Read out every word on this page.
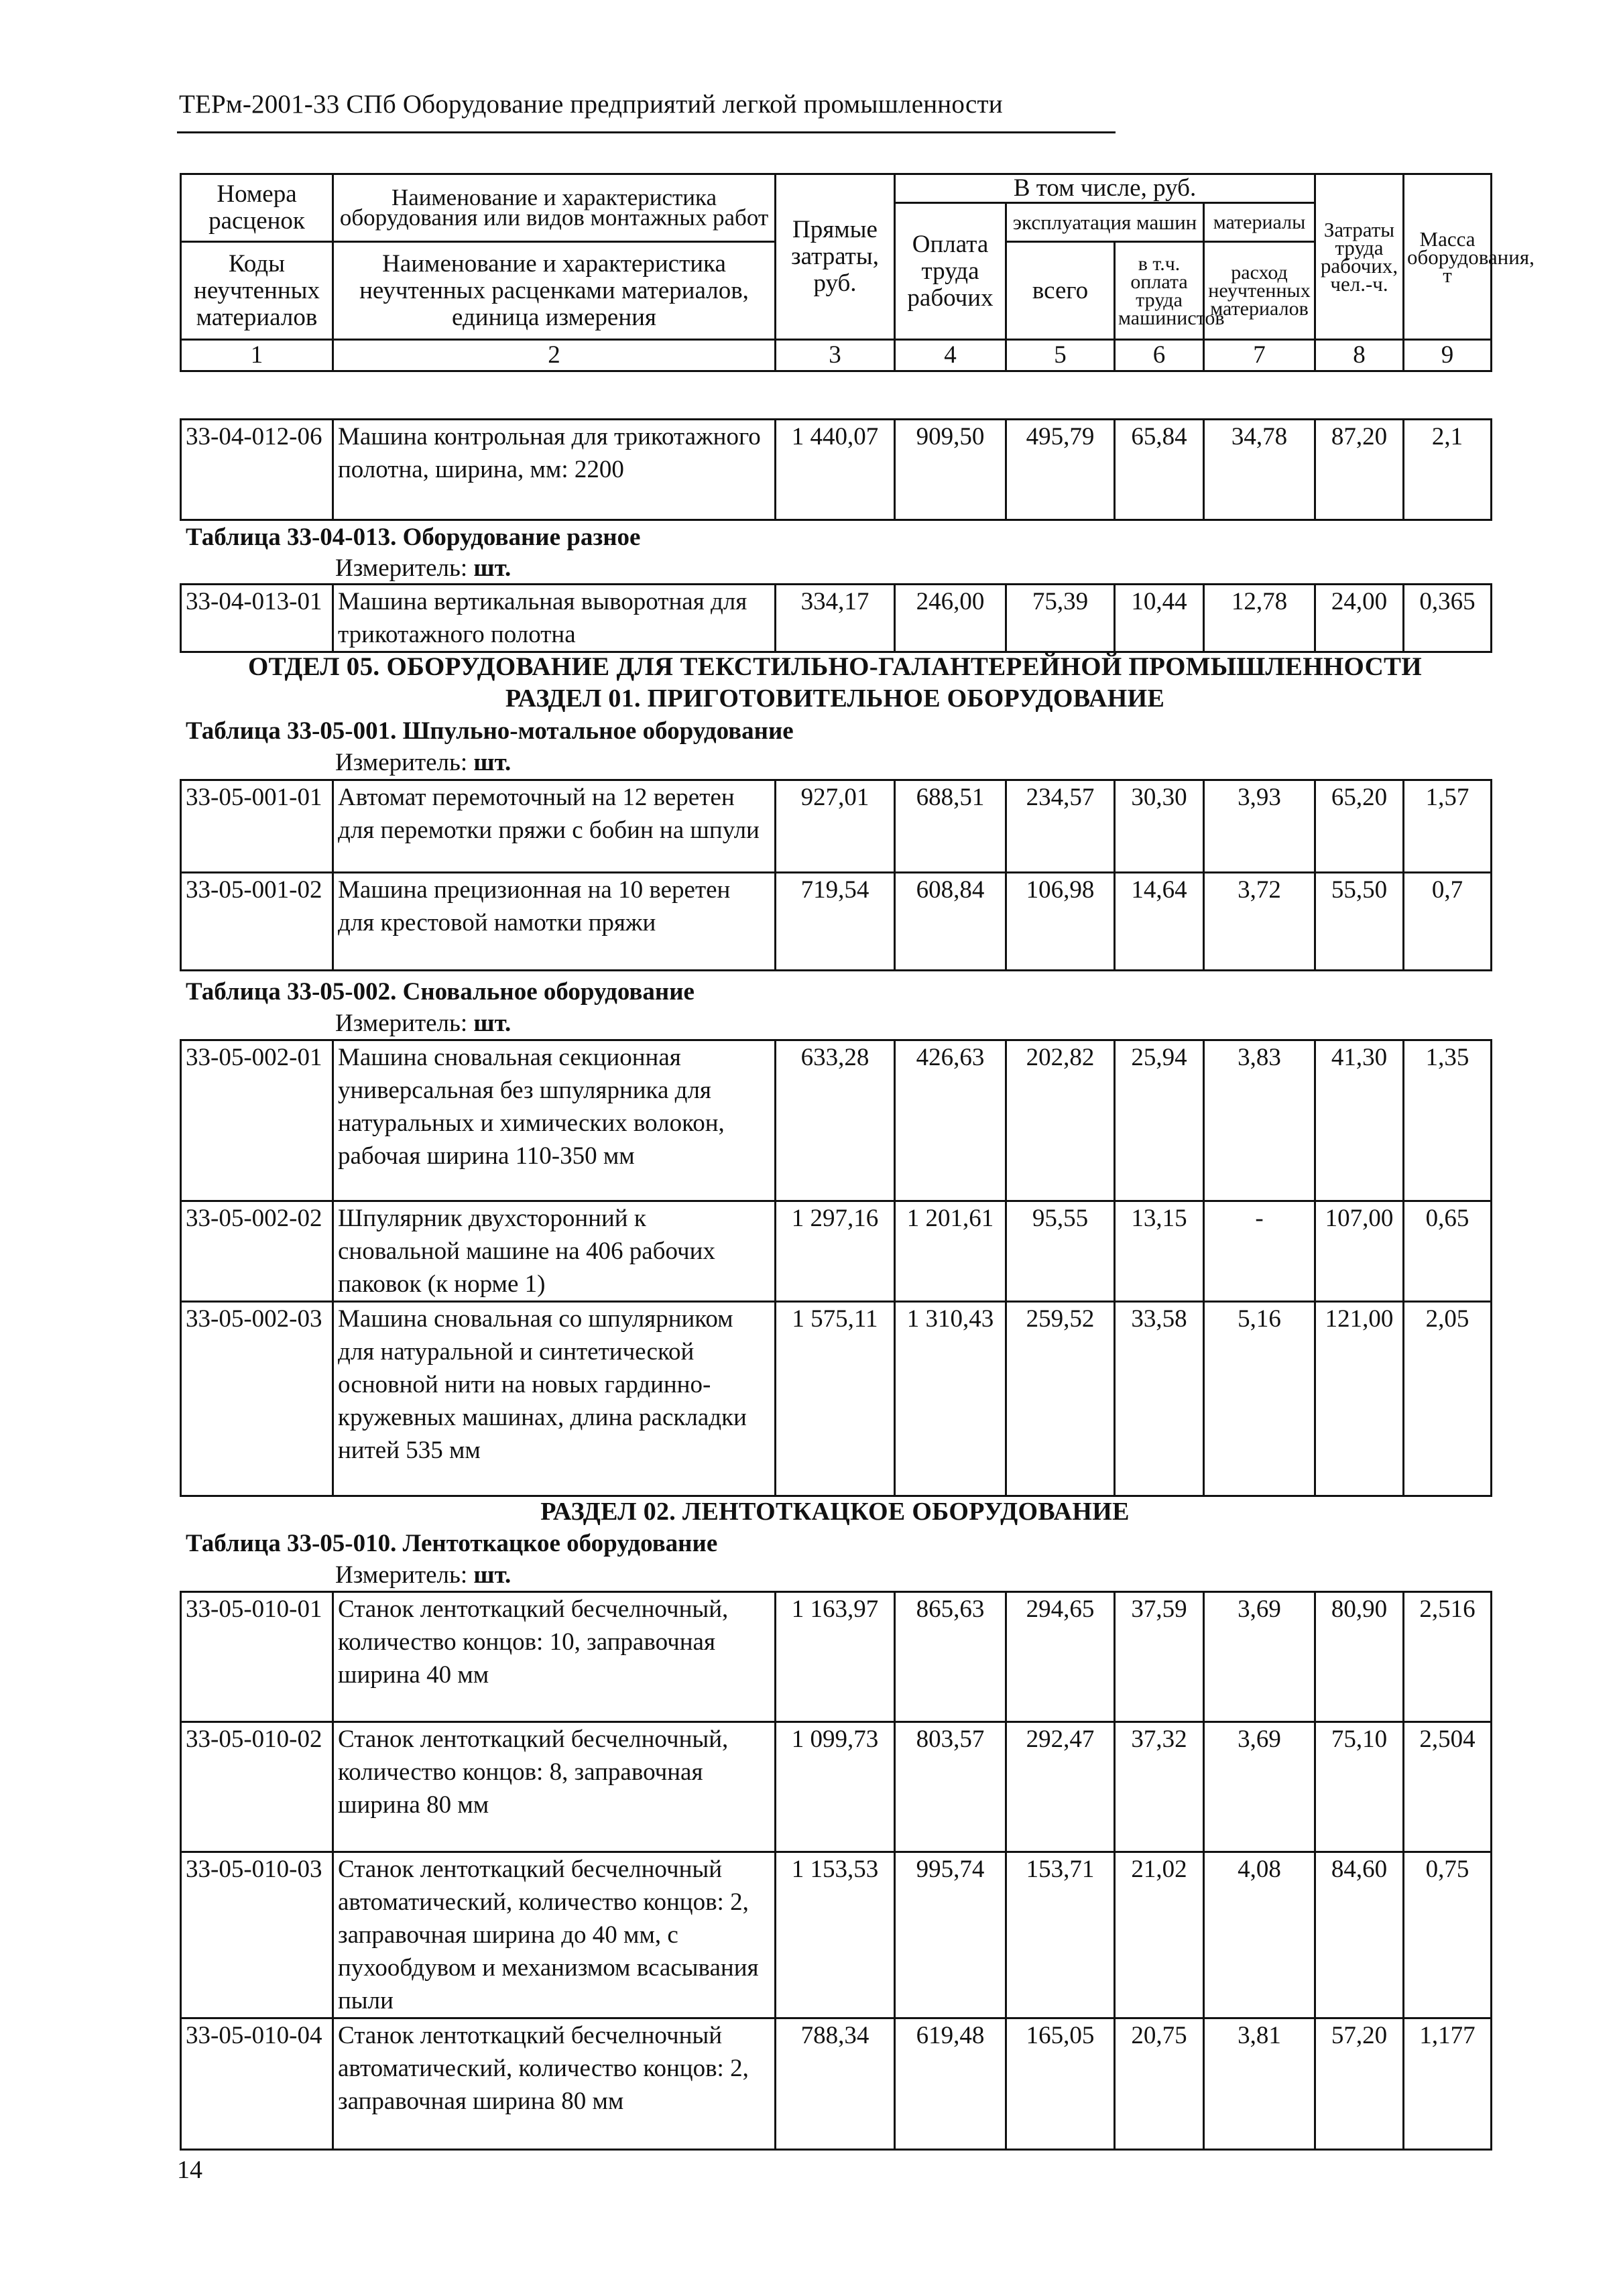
ТЕРм-2001-33 СПб Оборудование предприятий легкой промышленности
Номера расценок	Наименование и характеристика оборудования или видов монтажных работ	Прямые затраты, руб.	В том числе, руб.				Затраты труда рабочих, чел.-ч.	Масса оборудования, т
			Оплата труда рабочих	эксплуатация машин		материалы		
Коды неучтенных материалов	Наименование и характеристика неучтенных расценками материалов, единица измерения			всего	в т.ч. оплата труда машинистов	расход неучтенных материалов		

1	2	3	4	5	6	7	8	9
33-04-012-06	Машина контрольная для трикотажного полотна, ширина, мм: 2200	1 440,07	909,50	495,79	65,84	34,78	87,20	2,1
Таблица 33-04-013. Оборудование разное
Измеритель: шт.
33-04-013-01	Машина вертикальная выворотная для трикотажного полотна	334,17	246,00	75,39	10,44	12,78	24,00	0,365
ОТДЕЛ 05. ОБОРУДОВАНИЕ ДЛЯ ТЕКСТИЛЬНО-ГАЛАНТЕРЕЙНОЙ ПРОМЫШЛЕННОСТИ
РАЗДЕЛ 01. ПРИГОТОВИТЕЛЬНОЕ ОБОРУДОВАНИЕ
Таблица 33-05-001. Шпульно-мотальное оборудование
Измеритель: шт.
33-05-001-01	Автомат перемоточный на 12 веретен для перемотки пряжи с бобин на шпули	927,01	688,51	234,57	30,30	3,93	65,20	1,57
33-05-001-02	Машина прецизионная на 10 веретен для крестовой намотки пряжи	719,54	608,84	106,98	14,64	3,72	55,50	0,7
Таблица 33-05-002. Сновальное оборудование
Измеритель: шт.
33-05-002-01	Машина сновальная секционная универсальная без шпулярника для натуральных и химических волокон, рабочая ширина 110-350 мм	633,28	426,63	202,82	25,94	3,83	41,30	1,35
33-05-002-02	Шпулярник двухсторонний к сновальной машине на 406 рабочих паковок (к норме 1)	1 297,16	1 201,61	95,55	13,15	-	107,00	0,65
33-05-002-03	Машина сновальная со шпулярником для натуральной и синтетической основной нити на новых гардинно-кружевных машинах, длина раскладки нитей 535 мм	1 575,11	1 310,43	259,52	33,58	5,16	121,00	2,05
РАЗДЕЛ 02. ЛЕНТОТКАЦКОЕ ОБОРУДОВАНИЕ
Таблица 33-05-010. Лентоткацкое оборудование
Измеритель: шт.
33-05-010-01	Станок лентоткацкий бесчелночный, количество концов: 10, заправочная ширина 40 мм	1 163,97	865,63	294,65	37,59	3,69	80,90	2,516
33-05-010-02	Станок лентоткацкий бесчелночный, количество концов: 8, заправочная ширина 80 мм	1 099,73	803,57	292,47	37,32	3,69	75,10	2,504
33-05-010-03	Станок лентоткацкий бесчелночный автоматический, количество концов: 2, заправочная ширина до 40 мм, с пухообдувом и механизмом всасывания пыли	1 153,53	995,74	153,71	21,02	4,08	84,60	0,75
33-05-010-04	Станок лентоткацкий бесчелночный автоматический, количество концов: 2, заправочная ширина 80 мм	788,34	619,48	165,05	20,75	3,81	57,20	1,177
14
